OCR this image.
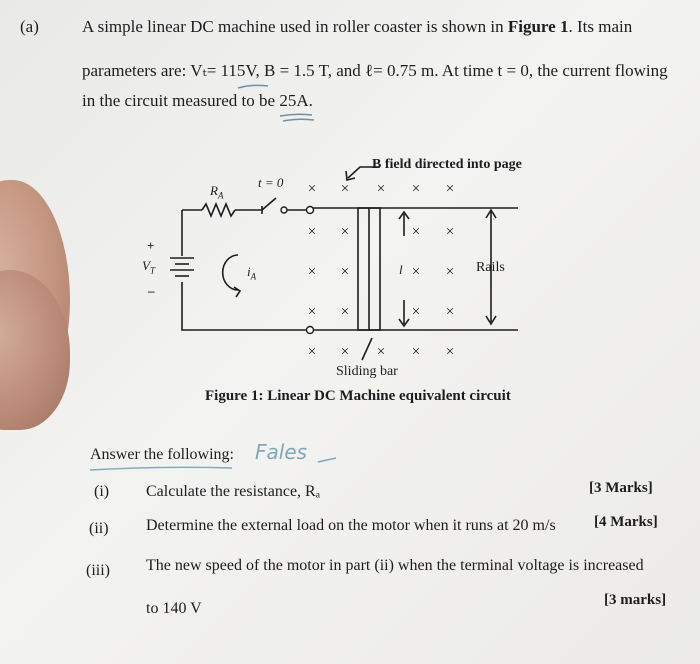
(a)	A simple linear DC machine used in roller coaster is shown in Figure 1. Its main
parameters are: Vₜ= 115V, B = 1.5 T, and ℓ= 0.75 m. At time t = 0, the current flowing
in the circuit measured to be 25A.
× × × × ×
× ×	× ×
× ×	× ×
× ×	× ×
× × × × ×
B field directed into page
t = 0
$R_A$
$i_A$
$V_T$
+
–
l	Rails
Sliding bar
Figure 1: Linear DC Machine equivalent circuit
Answer the following: Fales
(i) Calculate the resistance, Rₐ	[3 Marks]
(ii) Determine the external load on the motor when it runs at 20 m/s	[4 Marks]
(iii) The new speed of the motor in part (ii) when the terminal voltage is increased
to 140 V	[3 marks]
